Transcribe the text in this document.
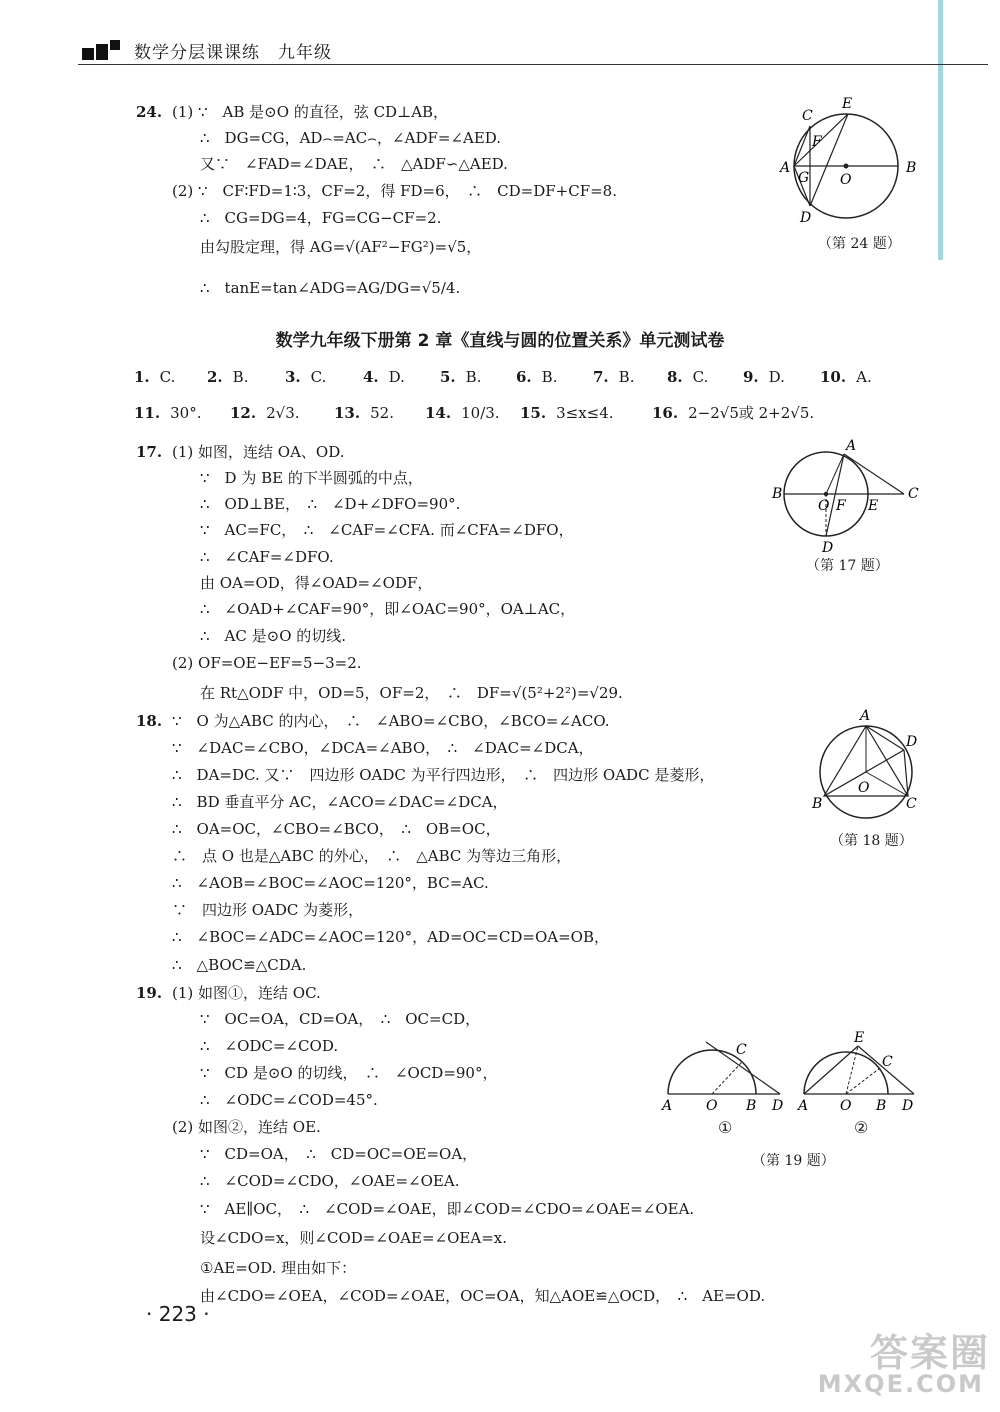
数学分层课课练　九年级
24. (1) ∵　AB 是⊙O 的直径，弦 CD⊥AB，
∴　DG=CG，AD⌢=AC⌢，∠ADF=∠AED.
又∵　∠FAD=∠DAE，　∴　△ADF∽△AED.
(2) ∵　CF∶FD=1∶3，CF=2，得 FD=6，　∴　CD=DF+CF=8.
∴　CG=DG=4，FG=CG−CF=2.
由勾股定理，得 AG=√(AF²−FG²)=√5，
∴　tanE=tan∠ADG=AG/DG=√5/4.
C
E
A	B
F
G O
D
（第 24 题）
数学九年级下册第 2 章《直线与圆的位置关系》单元测试卷
1. C. 2. B. 3. C. 4. D. 5. B. 6. B. 7. B. 8. C. 9. D. 10. A.
11. 30°. 12. 2√3. 13. 52. 14. 10/3. 15. 3≤x≤4.	16. 2−2√5或 2+2√5.
17. (1) 如图，连结 OA、OD.
∵　D 为 BE 的下半圆弧的中点，
∴　OD⊥BE，　∴　∠D+∠DFO=90°.
∵　AC=FC，　∴　∠CAF=∠CFA. 而∠CFA=∠DFO，
∴　∠CAF=∠DFO.
由 OA=OD，得∠OAD=∠ODF，
∴　∠OAD+∠CAF=90°，即∠OAC=90°，OA⊥AC，
∴　AC 是⊙O 的切线.
(2) OF=OE−EF=5−3=2.
在 Rt△ODF 中，OD=5，OF=2，　∴　DF=√(5²+2²)=√29.
A
B	C
O F E
D
（第 17 题）
18. ∵　O 为△ABC 的内心，　∴　∠ABO=∠CBO，∠BCO=∠ACO.
∵　∠DAC=∠CBO，∠DCA=∠ABO，　∴　∠DAC=∠DCA，
∴　DA=DC. 又∵　四边形 OADC 为平行四边形，　∴　四边形 OADC 是菱形，
∴　BD 垂直平分 AC，∠ACO=∠DAC=∠DCA，
∴　OA=OC，∠CBO=∠BCO，　∴　OB=OC，
∴　点 O 也是△ABC 的外心，　∴　△ABC 为等边三角形，
∴　∠AOB=∠BOC=∠AOC=120°，BC=AC.
∵　四边形 OADC 为菱形，
∴　∠BOC=∠ADC=∠AOC=120°，AD=OC=CD=OA=OB，
∴　△BOC≌△CDA.
A
D
B	C
O
（第 18 题）
19. (1) 如图①，连结 OC.
∵　OC=OA，CD=OA，　∴　OC=CD，
∴　∠ODC=∠COD.
∵　CD 是⊙O 的切线，　∴　∠OCD=90°，
∴　∠ODC=∠COD=45°.
(2) 如图②，连结 OE.
∵　CD=OA，　∴　CD=OC=OE=OA，
∴　∠COD=∠CDO，∠OAE=∠OEA.
∵　AE∥OC，　∴　∠COD=∠OAE，即∠COD=∠CDO=∠OAE=∠OEA.
设∠CDO=x，则∠COD=∠OAE=∠OEA=x.
①AE=OD. 理由如下：
由∠CDO=∠OEA，∠COD=∠OAE，OC=OA，知△AOE≌△OCD，　∴　AE=OD.
C
A O B D
①
E
C
A O B D
②
（第 19 题）
· 223 ·
答案圈
MXQE.COM
